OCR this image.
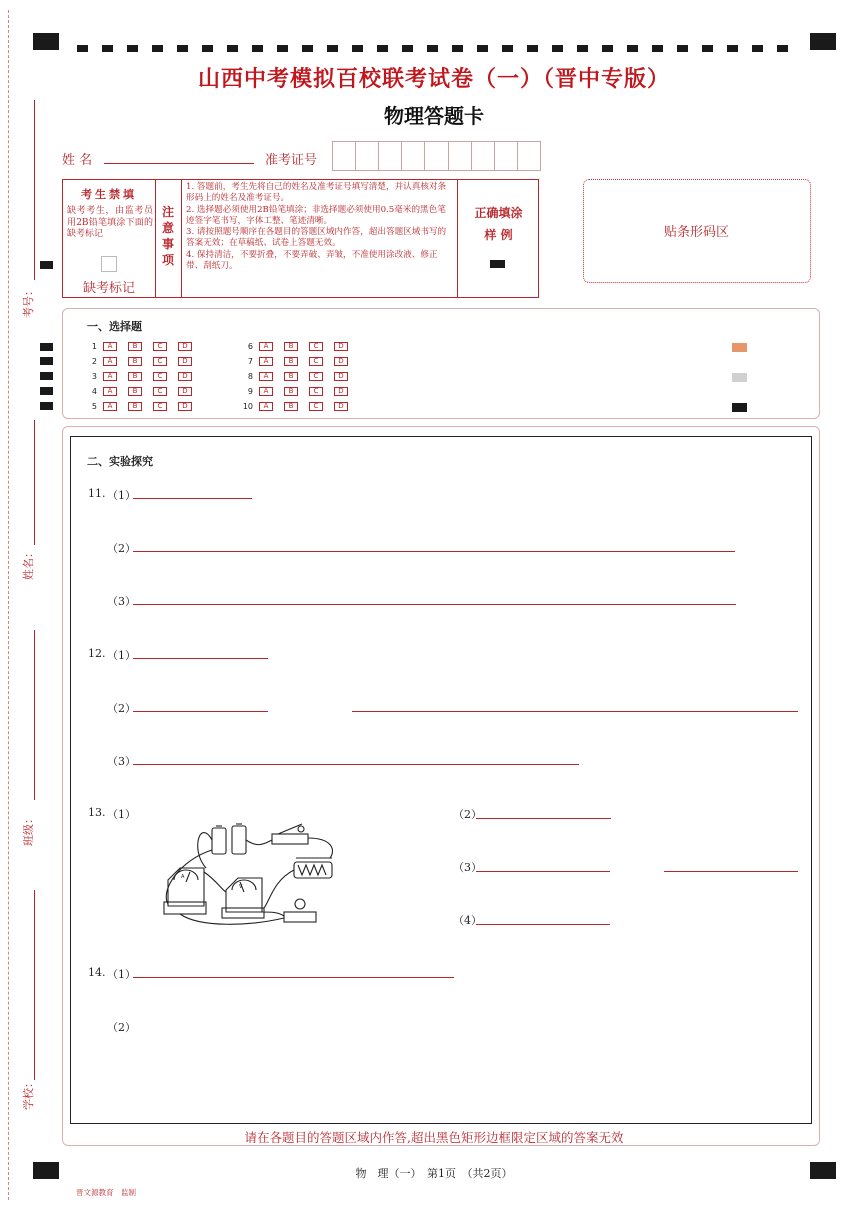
山西中考模拟百校联考试卷（一）（晋中专版）
物理答题卡
姓 名	准考证号
考生禁填
缺考考生，由监考员用2B铅笔填涂下面的缺考标记
缺考标记
注意事项
1. 答题前，考生先将自己的姓名及准考证号填写清楚，并认真核对条形码上的姓名及准考证号。
2. 选择题必须使用2B铅笔填涂；非选择题必须使用0.5毫米的黑色笔迹签字笔书写，字体工整、笔迹清晰。
3. 请按照题号顺序在各题目的答题区域内作答，超出答题区域书写的答案无效；在草稿纸、试卷上答题无效。
4. 保持清洁，不要折叠，不要弄破、弄皱，不准使用涂改液、修正带、刮纸刀。
正确填涂
样 例	贴条形码区
考号：
姓名：
班级：
学校：
一、选择题
1	A	B	C	D
2	A	B	C	D
3	A	B	C	D
4	A	B	C	D
5	A	B	C	D
6	A	B	C	D
7	A	B	C	D
8	A	B	C	D
9	A	B	C	D
10	A	B	C	D
二、实验探究
11. （1）
（2）
（3）
12. （1）
（2）
（3）
13. （1）
A
V
（2）
（3）
（4）
14. （1）
（2）
请在各题目的答题区域内作答,超出黑色矩形边框限定区域的答案无效
物　理（一）　第1页　（共2页）
晋文源教育　监制
